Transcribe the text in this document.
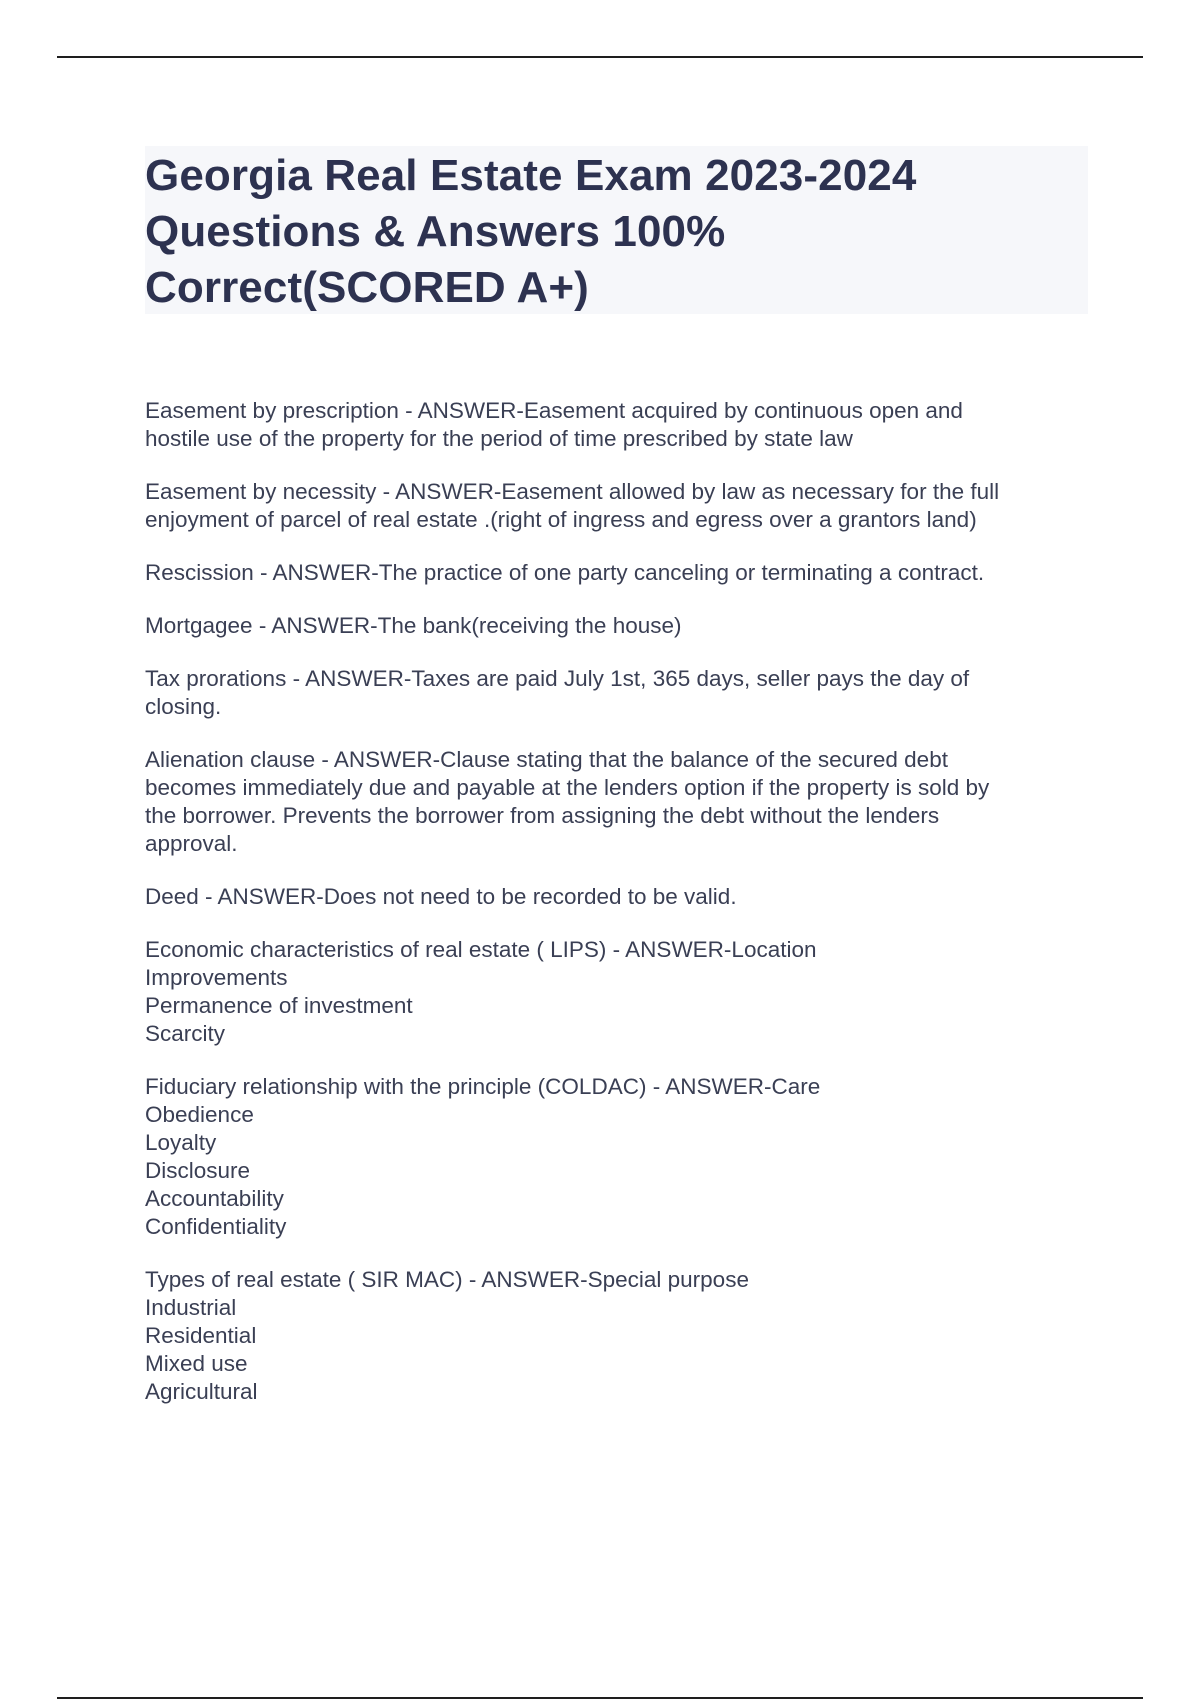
Georgia Real Estate Exam 2023-2024 Questions & Answers 100% Correct(SCORED A+)

Easement by prescription - ANSWER-Easement acquired by continuous open and
hostile use of the property for the period of time prescribed by state law

Easement by necessity - ANSWER-Easement allowed by law as necessary for the full
enjoyment of parcel of real estate .(right of ingress and egress over a grantors land)

Rescission - ANSWER-The practice of one party canceling or terminating a contract.

Mortgagee - ANSWER-The bank(receiving the house)

Tax prorations - ANSWER-Taxes are paid July 1st, 365 days, seller pays the day of
closing.

Alienation clause - ANSWER-Clause stating that the balance of the secured debt
becomes immediately due and payable at the lenders option if the property is sold by
the borrower. Prevents the borrower from assigning the debt without the lenders
approval.

Deed - ANSWER-Does not need to be recorded to be valid.

Economic characteristics of real estate ( LIPS) - ANSWER-Location
Improvements
Permanence of investment
Scarcity

Fiduciary relationship with the principle (COLDAC) - ANSWER-Care
Obedience
Loyalty
Disclosure
Accountability
Confidentiality

Types of real estate ( SIR MAC) - ANSWER-Special purpose
Industrial
Residential
Mixed use
Agricultural
